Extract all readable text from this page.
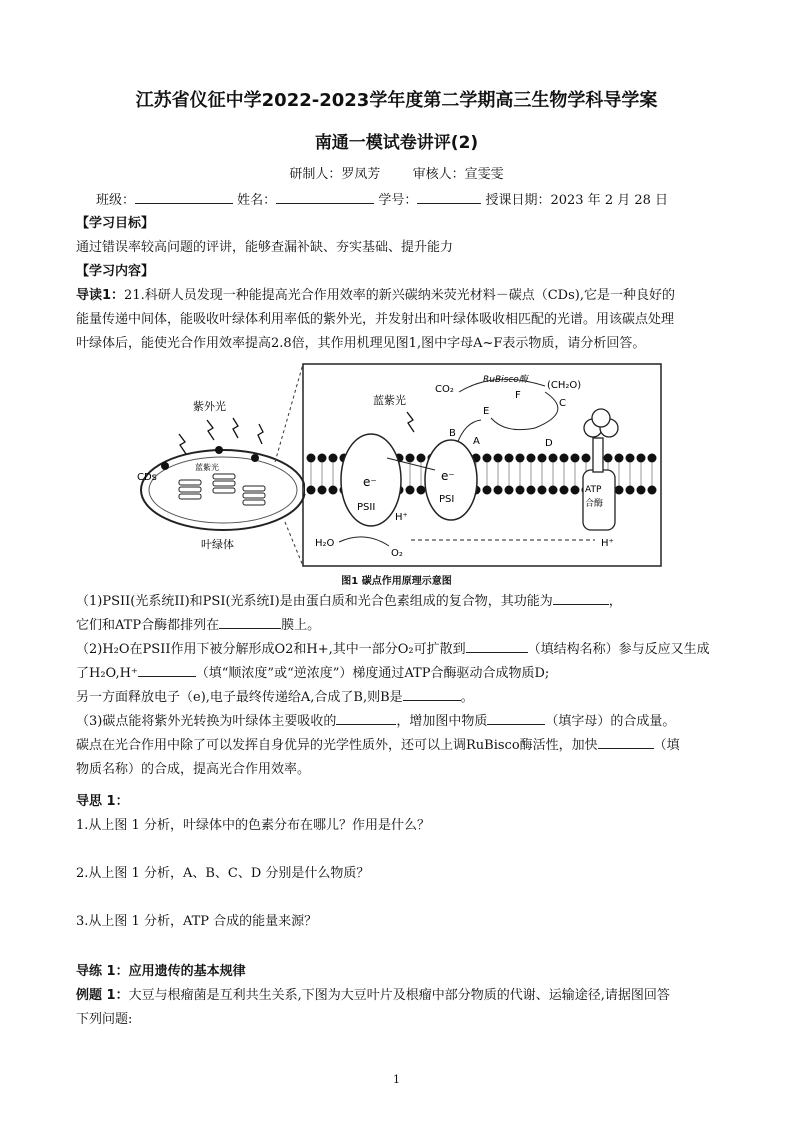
江苏省仪征中学2022-2023学年度第二学期高三生物学科导学案
南通一模试卷讲评(2)
研制人：罗凤芳 审核人：宣雯雯
班级：	姓名：	学号：	授课日期：2023 年 2 月 28 日
【学习目标】
通过错误率较高问题的评讲，能够查漏补缺、夯实基础、提升能力
【学习内容】
导读1：21.科研人员发现一种能提高光合作用效率的新兴碳纳米荧光材料－碳点（CDs),它是一种良好的
能量传递中间体，能吸收叶绿体利用率低的紫外光，并发射出和叶绿体吸收相匹配的光谱。用该碳点处理
叶绿体后，能使光合作用效率提高2.8倍，其作用机理见图1,图中字母A~F表示物质，请分析回答。
紫外光
CDs
蓝紫光
叶绿体
蓝紫光
CO₂
RuBisco酶 (CH₂O)
E
F
C
B
A	D
H⁺
H⁺
H₂O
O₂
e⁻	e⁻
PSII
PSI
ATP
合酶
图1 碳点作用原理示意图
（1)PSII(光系统II)和PSI(光系统I)是由蛋白质和光合色素组成的复合物，其功能为	，
它们和ATP合酶都排列在	膜上。
（2)H₂O在PSII作用下被分解形成O2和H+,其中一部分O₂可扩散到	（填结构名称）参与反应又生成
了H₂O,H⁺	（填“顺浓度”或“逆浓度”）梯度通过ATP合酶驱动合成物质D;
另一方面释放电子（e),电子最终传递给A,合成了B,则B是	。
（3)碳点能将紫外光转换为叶绿体主要吸收的	，增加图中物质	（填字母）的合成量。
碳点在光合作用中除了可以发挥自身优异的光学性质外，还可以上调RuBisco酶活性，加快	（填
物质名称）的合成，提高光合作用效率。
导思 1：
1.从上图 1 分析，叶绿体中的色素分布在哪儿？作用是什么？
2.从上图 1 分析，A、B、C、D 分别是什么物质？
3.从上图 1 分析，ATP 合成的能量来源？
导练 1：应用遗传的基本规律
例题 1：大豆与根瘤菌是互利共生关系,下图为大豆叶片及根瘤中部分物质的代谢、运输途径,请据图回答
下列问题:
1
